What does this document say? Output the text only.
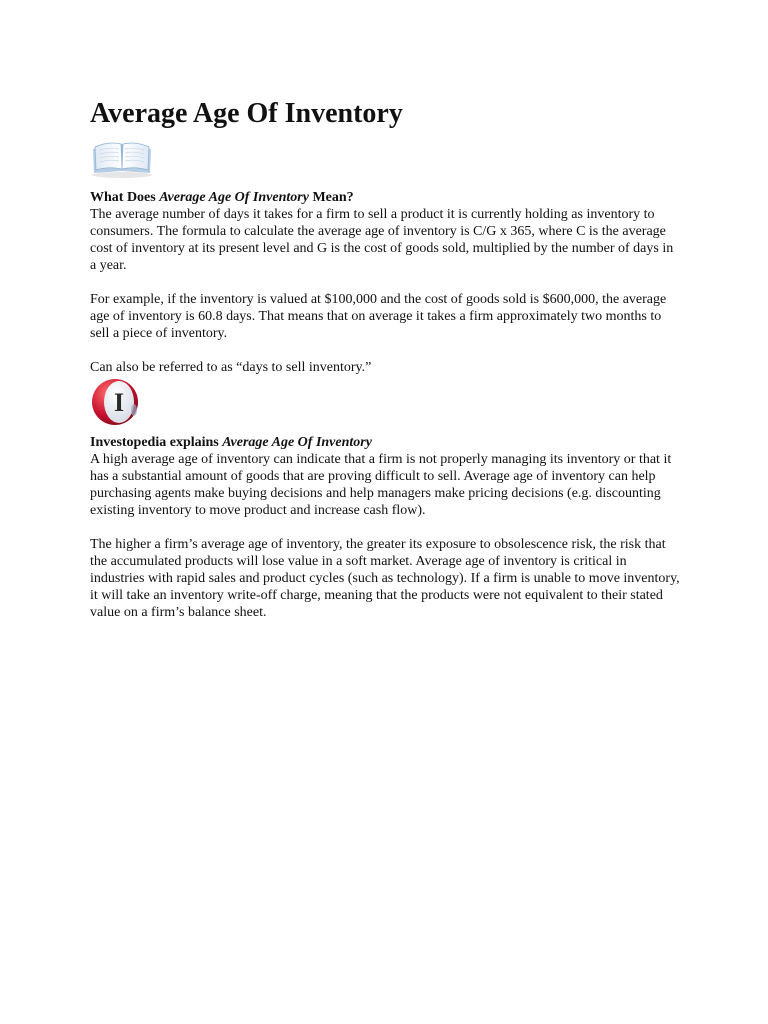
Average Age Of Inventory
What Does Average Age Of Inventory Mean?

The average number of days it takes for a firm to sell a product it is currently holding as inventory to consumers. The formula to calculate the average age of inventory is C/G x 365, where C is the average cost of inventory at its present level and G is the cost of goods sold, multiplied by the number of days in a year.

For example, if the inventory is valued at $100,000 and the cost of goods sold is $600,000, the average age of inventory is 60.8 days. That means that on average it takes a firm approximately two months to sell a piece of inventory.

Can also be referred to as “days to sell inventory.”

I
Investopedia explains Average Age Of Inventory

A high average age of inventory can indicate that a firm is not properly managing its inventory or that it has a substantial amount of goods that are proving difficult to sell. Average age of inventory can help purchasing agents make buying decisions and help managers make pricing decisions (e.g. discounting existing inventory to move product and increase cash flow).

The higher a firm’s average age of inventory, the greater its exposure to obsolescence risk, the risk that the accumulated products will lose value in a soft market. Average age of inventory is critical in industries with rapid sales and product cycles (such as technology). If a firm is unable to move inventory, it will take an inventory write-off charge, meaning that the products were not equivalent to their stated value on a firm’s balance sheet.
